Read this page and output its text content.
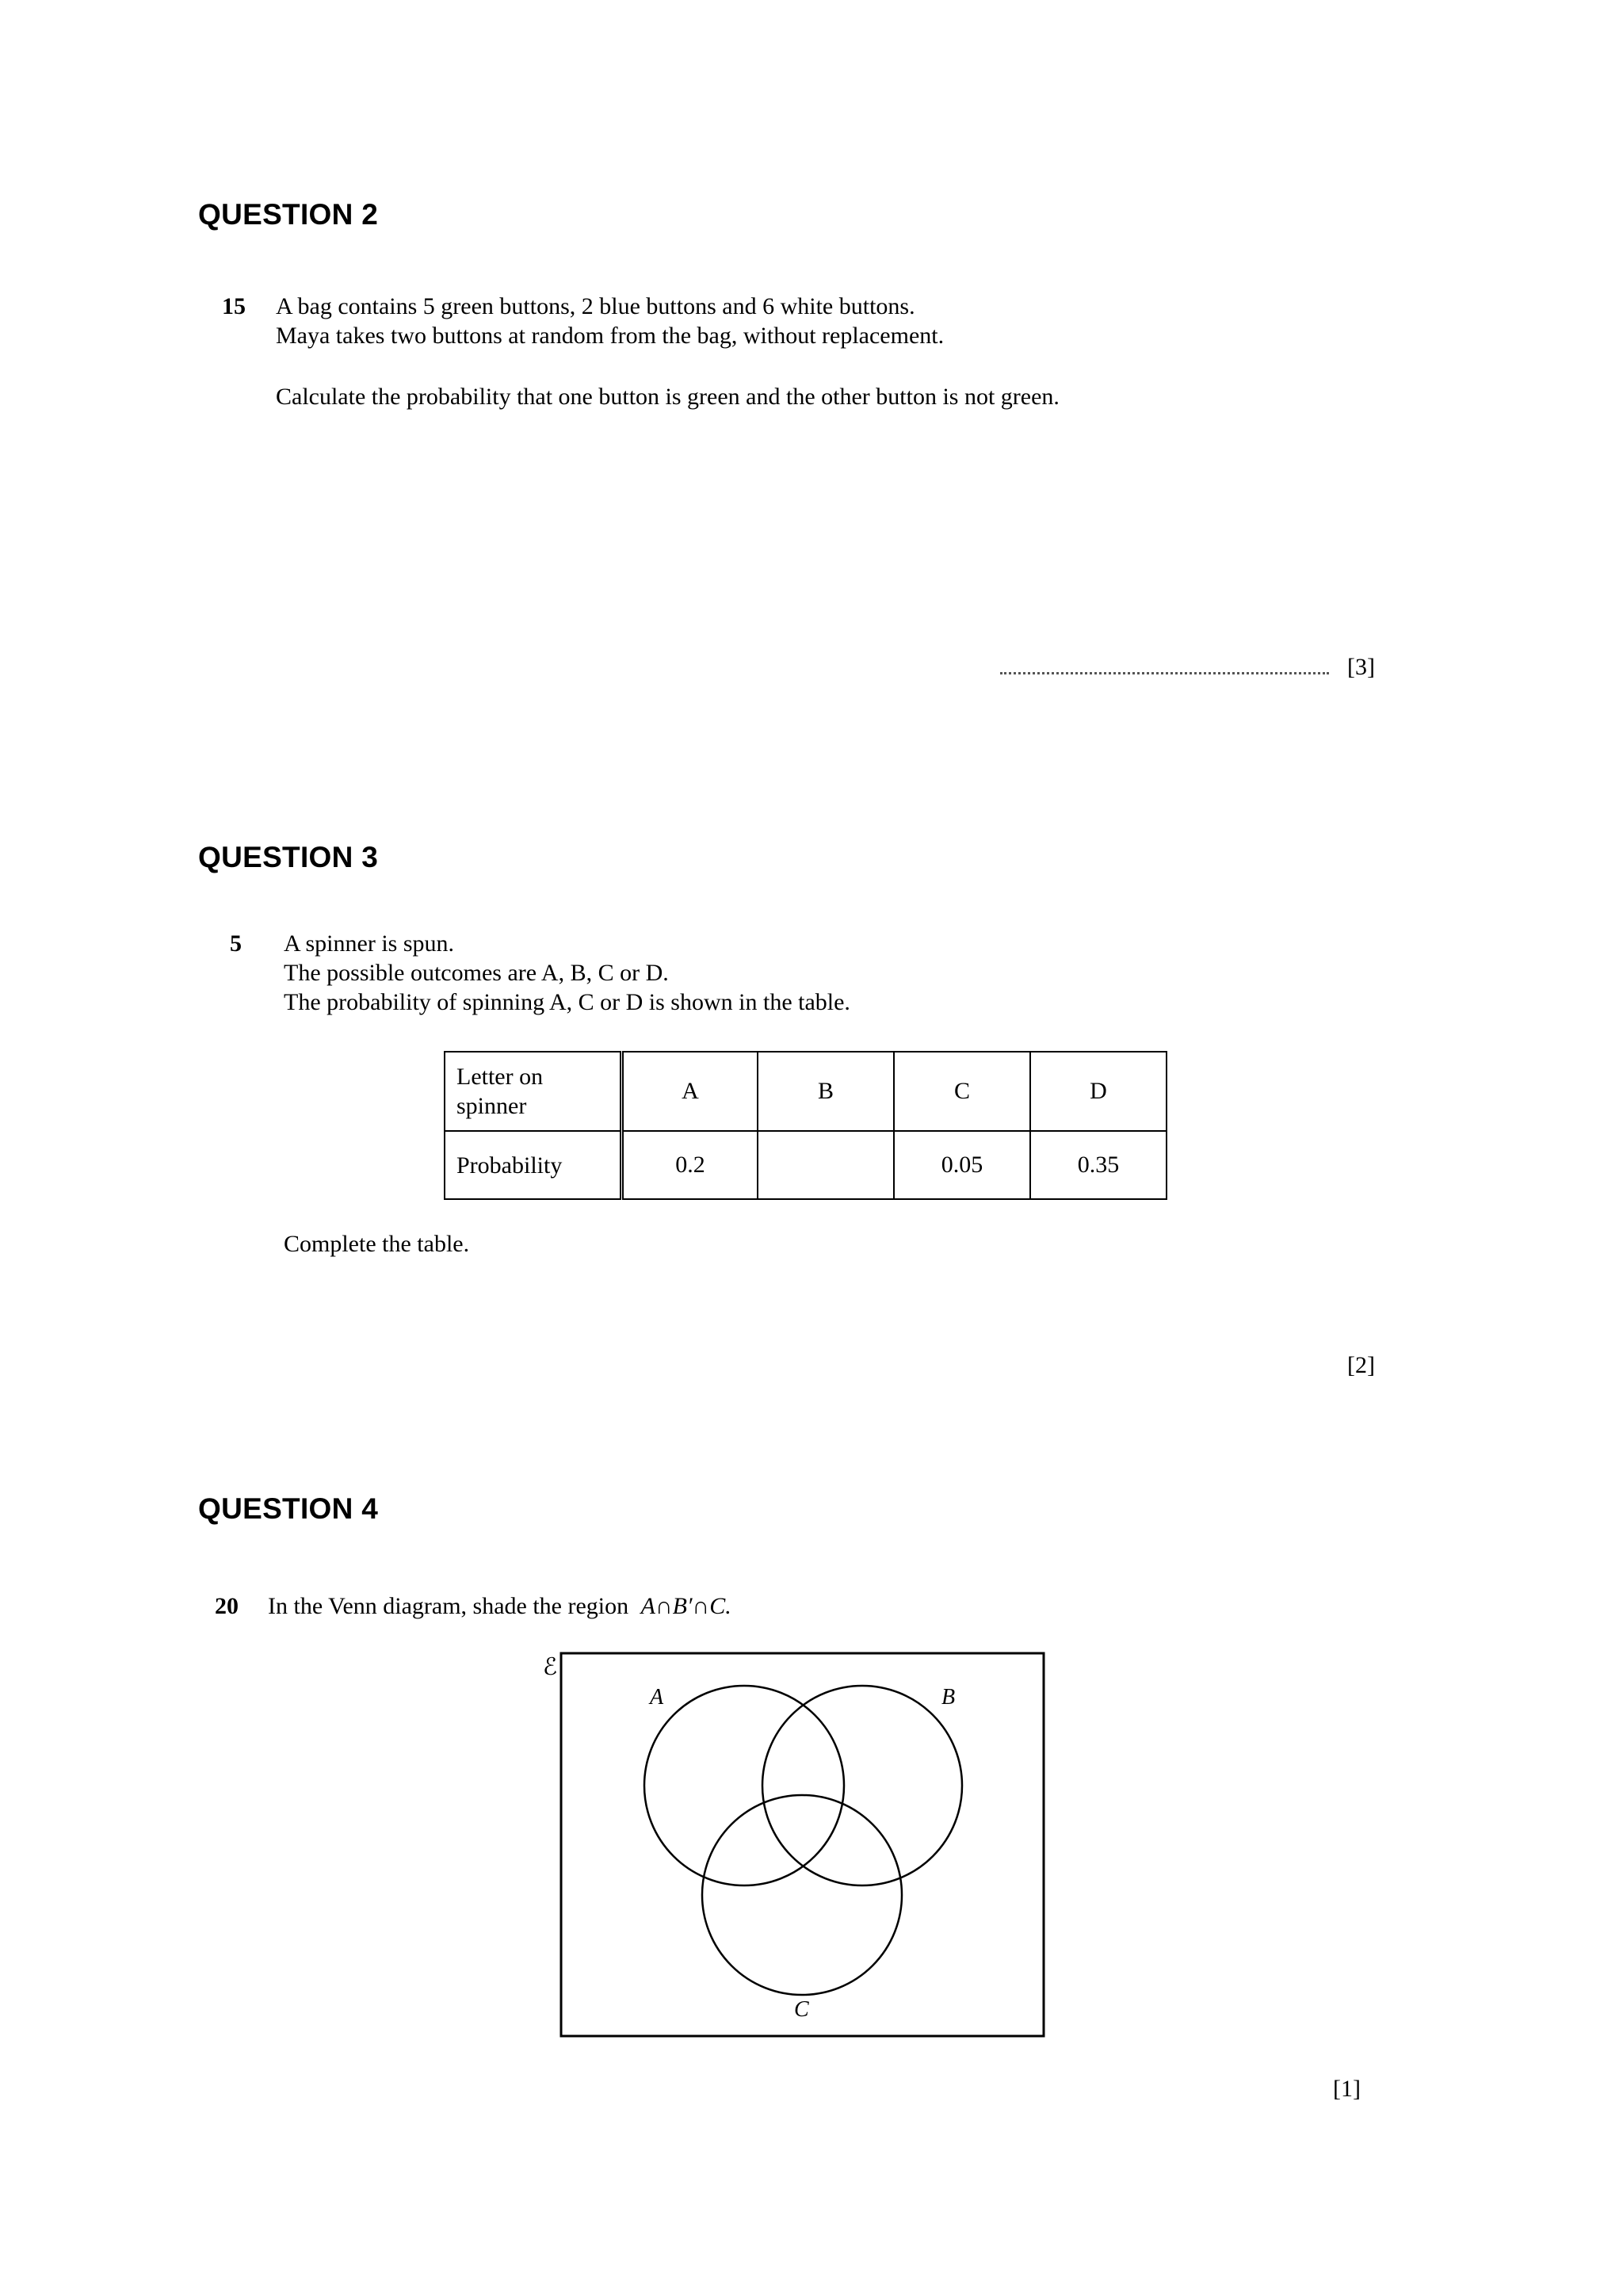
QUESTION 2
15 A bag contains 5 green buttons, 2 blue buttons and 6 white buttons.
Maya takes two buttons at random from the bag, without replacement.
Calculate the probability that one button is green and the other button is not green.
[3]
QUESTION 3
5 A spinner is spun.
The possible outcomes are A, B, C or D.
The probability of spinning A, C or D is shown in the table.
Letter on
spinner	A	B	C	D
Probability	0.2		0.05	0.35
Complete the table.
[2]
QUESTION 4
20 In the Venn diagram, shade the region A∩B′∩C.
ℰ
A	B
C
[1]
